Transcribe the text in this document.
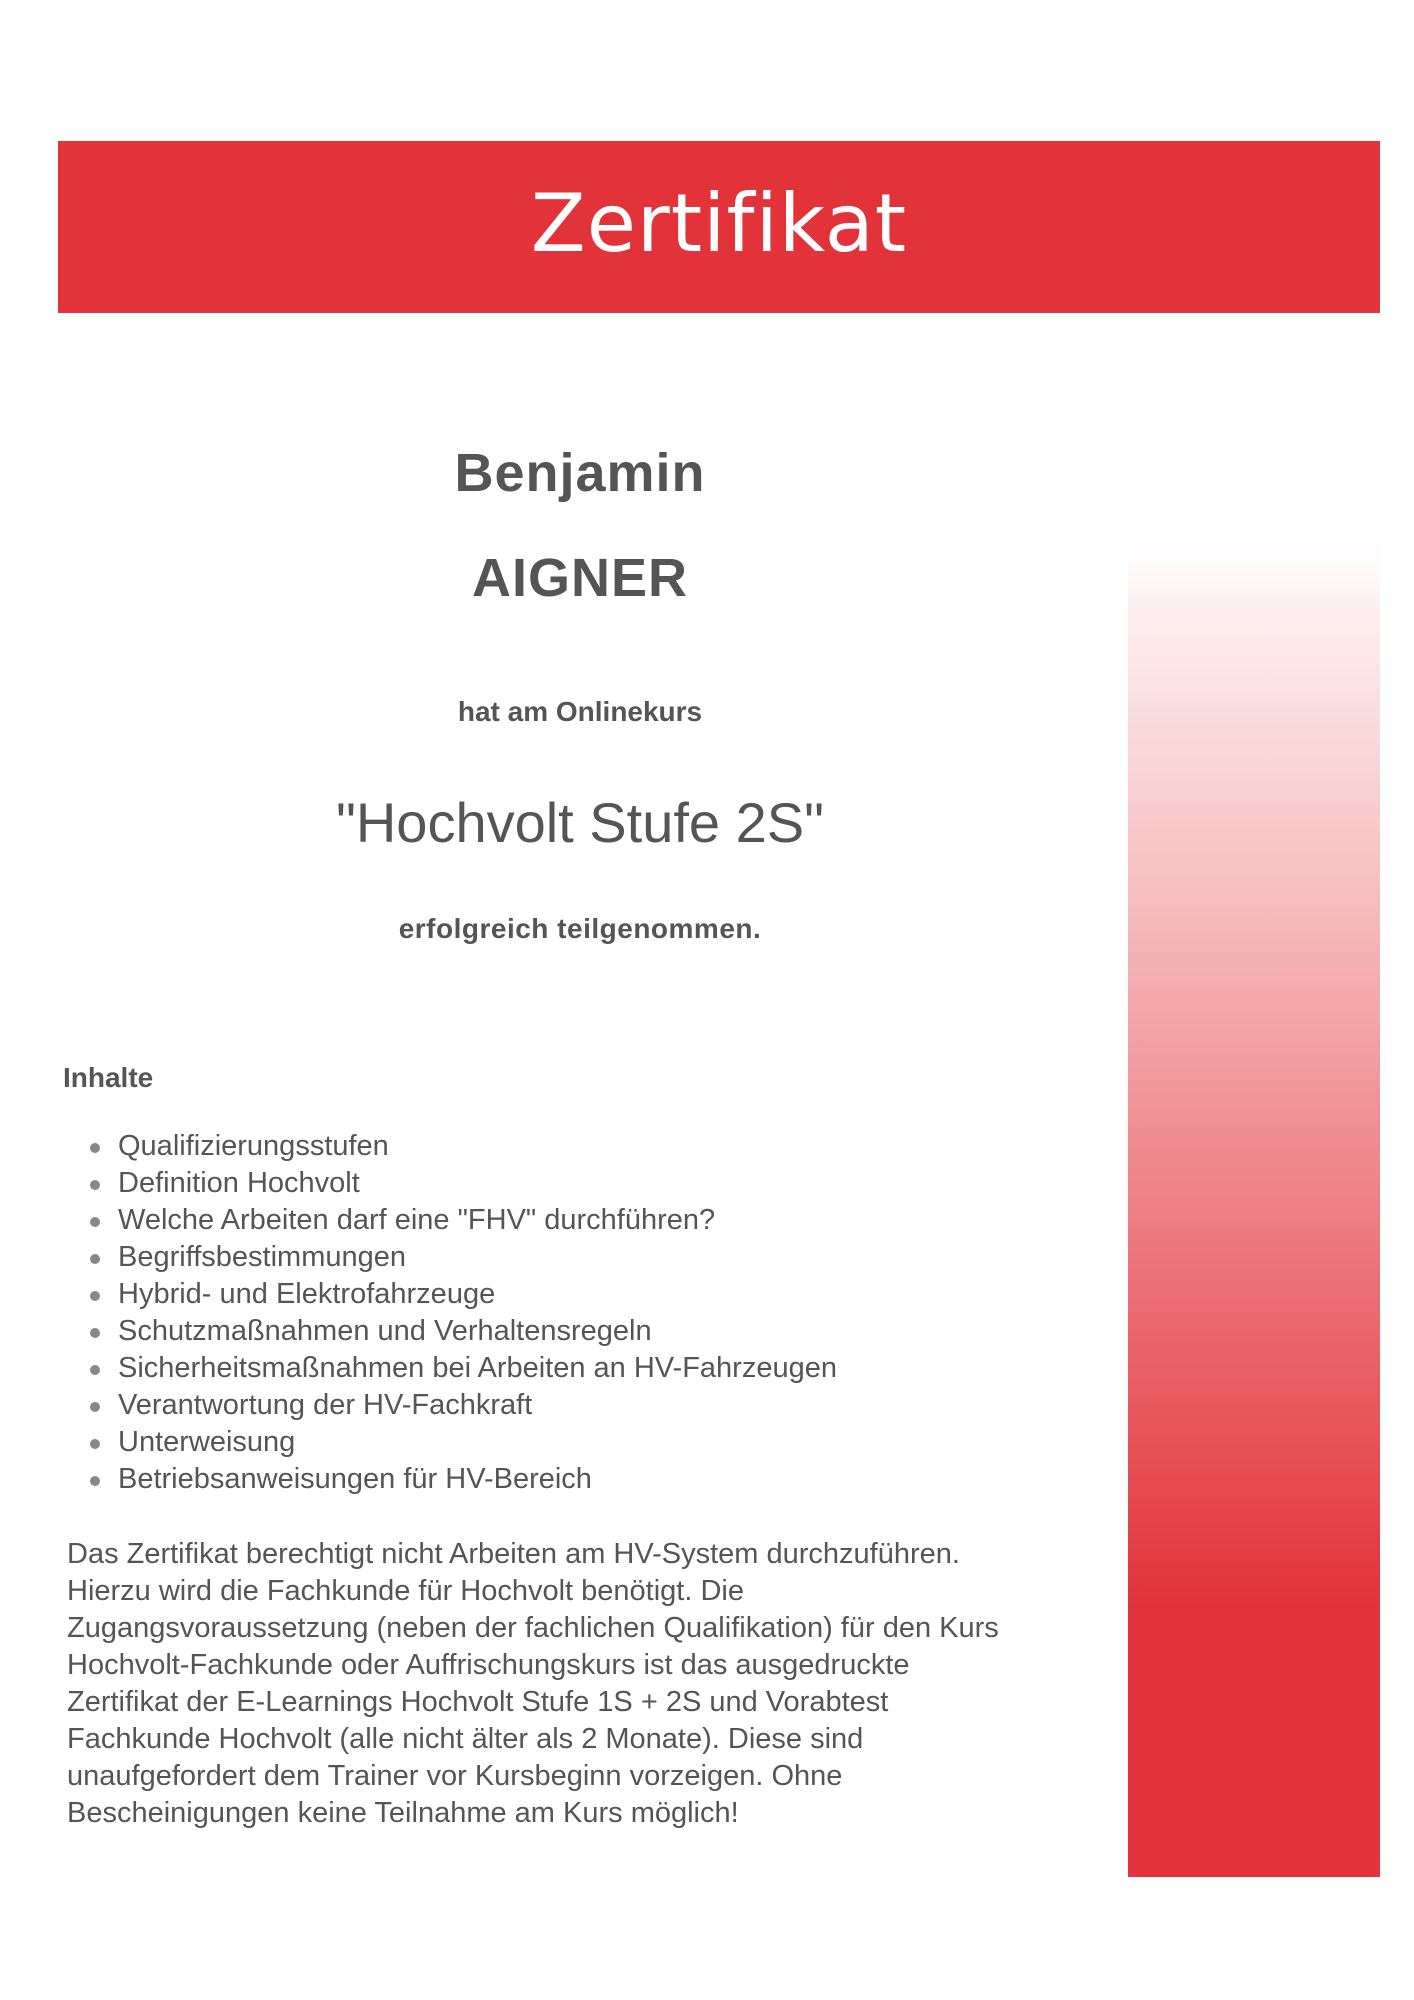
Zertifikat
Benjamin
AIGNER
hat am Onlinekurs
"Hochvolt Stufe 2S"
erfolgreich teilgenommen.
Inhalte
Qualifizierungsstufen
Definition Hochvolt
Welche Arbeiten darf eine "FHV" durchführen?
Begriffsbestimmungen
Hybrid- und Elektrofahrzeuge
Schutzmaßnahmen und Verhaltensregeln
Sicherheitsmaßnahmen bei Arbeiten an HV-Fahrzeugen
Verantwortung der HV-Fachkraft
Unterweisung
Betriebsanweisungen für HV-Bereich

Das Zertifikat berechtigt nicht Arbeiten am HV-System durchzuführen.

Hierzu wird die Fachkunde für Hochvolt benötigt. Die

Zugangsvoraussetzung (neben der fachlichen Qualifikation) für den Kurs

Hochvolt-Fachkunde oder Auffrischungskurs ist das ausgedruckte

Zertifikat der E-Learnings Hochvolt Stufe 1S + 2S und Vorabtest

Fachkunde Hochvolt (alle nicht älter als 2 Monate). Diese sind

unaufgefordert dem Trainer vor Kursbeginn vorzeigen. Ohne

Bescheinigungen keine Teilnahme am Kurs möglich!
